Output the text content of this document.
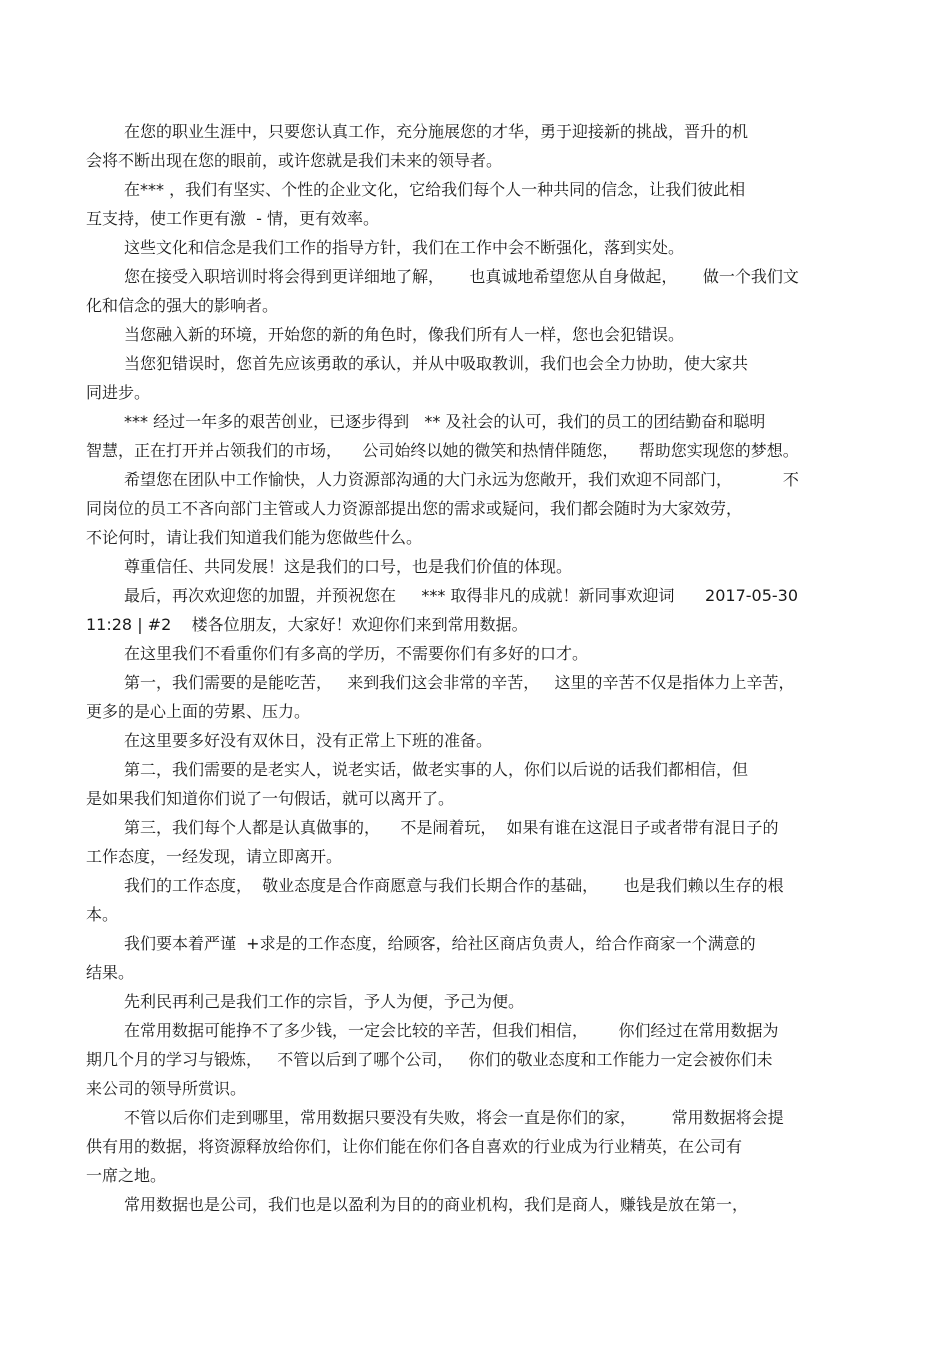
在您的职业生涯中，只要您认真工作，充分施展您的才华，勇于迎接新的挑战，晋升的机

会将不断出现在您的眼前，或许您就是我们未来的领导者。

在*** ，我们有坚实、个性的企业文化，它给我们每个人一种共同的信念，让我们彼此相

互支持，使工作更有激  - 情，更有效率。

这些文化和信念是我们工作的指导方针，我们在工作中会不断强化，落到实处。

您在接受入职培训时将会得到更详细地了解，     也真诚地希望您从自身做起，     做一个我们文

化和信念的强大的影响者。

当您融入新的环境，开始您的新的角色时，像我们所有人一样，您也会犯错误。

当您犯错误时，您首先应该勇敢的承认，并从中吸取教训，我们也会全力协助，使大家共

同进步。

*** 经过一年多的艰苦创业，已逐步得到   ** 及社会的认可，我们的员工的团结勤奋和聪明

智慧，正在打开并占领我们的市场，    公司始终以她的微笑和热情伴随您，    帮助您实现您的梦想。

希望您在团队中工作愉快，人力资源部沟通的大门永远为您敞开，我们欢迎不同部门，          不

同岗位的员工不吝向部门主管或人力资源部提出您的需求或疑问，我们都会随时为大家效劳，

不论何时，请让我们知道我们能为您做些什么。

尊重信任、共同发展！这是我们的口号，也是我们价值的体现。

最后，再次欢迎您的加盟，并预祝您在     *** 取得非凡的成就！新同事欢迎词      2017-05-30

11:28 | #2    楼各位朋友，大家好！欢迎你们来到常用数据。

在这里我们不看重你们有多高的学历，不需要你们有多好的口才。

第一，我们需要的是能吃苦，   来到我们这会非常的辛苦，   这里的辛苦不仅是指体力上辛苦，

更多的是心上面的劳累、压力。

在这里要多好没有双休日，没有正常上下班的准备。

第二，我们需要的是老实人，说老实话，做老实事的人，你们以后说的话我们都相信，但

是如果我们知道你们说了一句假话，就可以离开了。

第三，我们每个人都是认真做事的，    不是闹着玩，  如果有谁在这混日子或者带有混日子的

工作态度，一经发现，请立即离开。

我们的工作态度，  敬业态度是合作商愿意与我们长期合作的基础，     也是我们赖以生存的根

本。

我们要本着严谨  +求是的工作态度，给顾客，给社区商店负责人，给合作商家一个满意的

结果。

先利民再利己是我们工作的宗旨，予人为便，予己为便。

在常用数据可能挣不了多少钱，一定会比较的辛苦，但我们相信，      你们经过在常用数据为

期几个月的学习与锻炼，   不管以后到了哪个公司，   你们的敬业态度和工作能力一定会被你们未

来公司的领导所赏识。

不管以后你们走到哪里，常用数据只要没有失败，将会一直是你们的家，       常用数据将会提

供有用的数据，将资源释放给你们，让你们能在你们各自喜欢的行业成为行业精英，在公司有

一席之地。

常用数据也是公司，我们也是以盈利为目的的商业机构，我们是商人，赚钱是放在第一，
